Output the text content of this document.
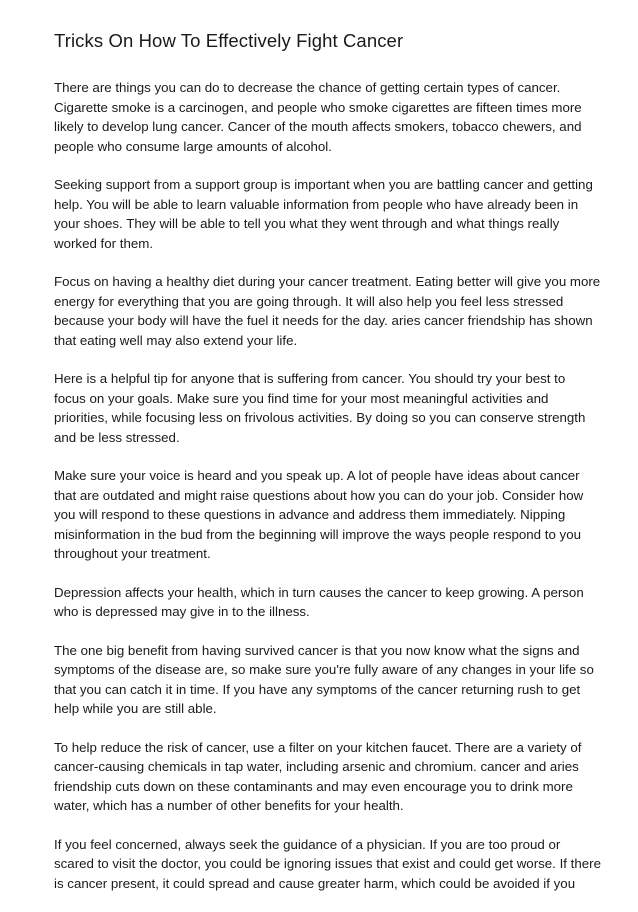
Tricks On How To Effectively Fight Cancer

There are things you can do to decrease the chance of getting certain types of cancer.
Cigarette smoke is a carcinogen, and people who smoke cigarettes are fifteen times more
likely to develop lung cancer. Cancer of the mouth affects smokers, tobacco chewers, and
people who consume large amounts of alcohol.

Seeking support from a support group is important when you are battling cancer and getting
help. You will be able to learn valuable information from people who have already been in
your shoes. They will be able to tell you what they went through and what things really
worked for them.

Focus on having a healthy diet during your cancer treatment. Eating better will give you more
energy for everything that you are going through. It will also help you feel less stressed
because your body will have the fuel it needs for the day. aries cancer friendship has shown
that eating well may also extend your life.

Here is a helpful tip for anyone that is suffering from cancer. You should try your best to
focus on your goals. Make sure you find time for your most meaningful activities and
priorities, while focusing less on frivolous activities. By doing so you can conserve strength
and be less stressed.

Make sure your voice is heard and you speak up. A lot of people have ideas about cancer
that are outdated and might raise questions about how you can do your job. Consider how
you will respond to these questions in advance and address them immediately. Nipping
misinformation in the bud from the beginning will improve the ways people respond to you
throughout your treatment.

Depression affects your health, which in turn causes the cancer to keep growing. A person
who is depressed may give in to the illness.

The one big benefit from having survived cancer is that you now know what the signs and
symptoms of the disease are, so make sure you're fully aware of any changes in your life so
that you can catch it in time. If you have any symptoms of the cancer returning rush to get
help while you are still able.

To help reduce the risk of cancer, use a filter on your kitchen faucet. There are a variety of
cancer-causing chemicals in tap water, including arsenic and chromium. cancer and aries
friendship cuts down on these contaminants and may even encourage you to drink more
water, which has a number of other benefits for your health.

If you feel concerned, always seek the guidance of a physician. If you are too proud or
scared to visit the doctor, you could be ignoring issues that exist and could get worse. If there
is cancer present, it could spread and cause greater harm, which could be avoided if you
